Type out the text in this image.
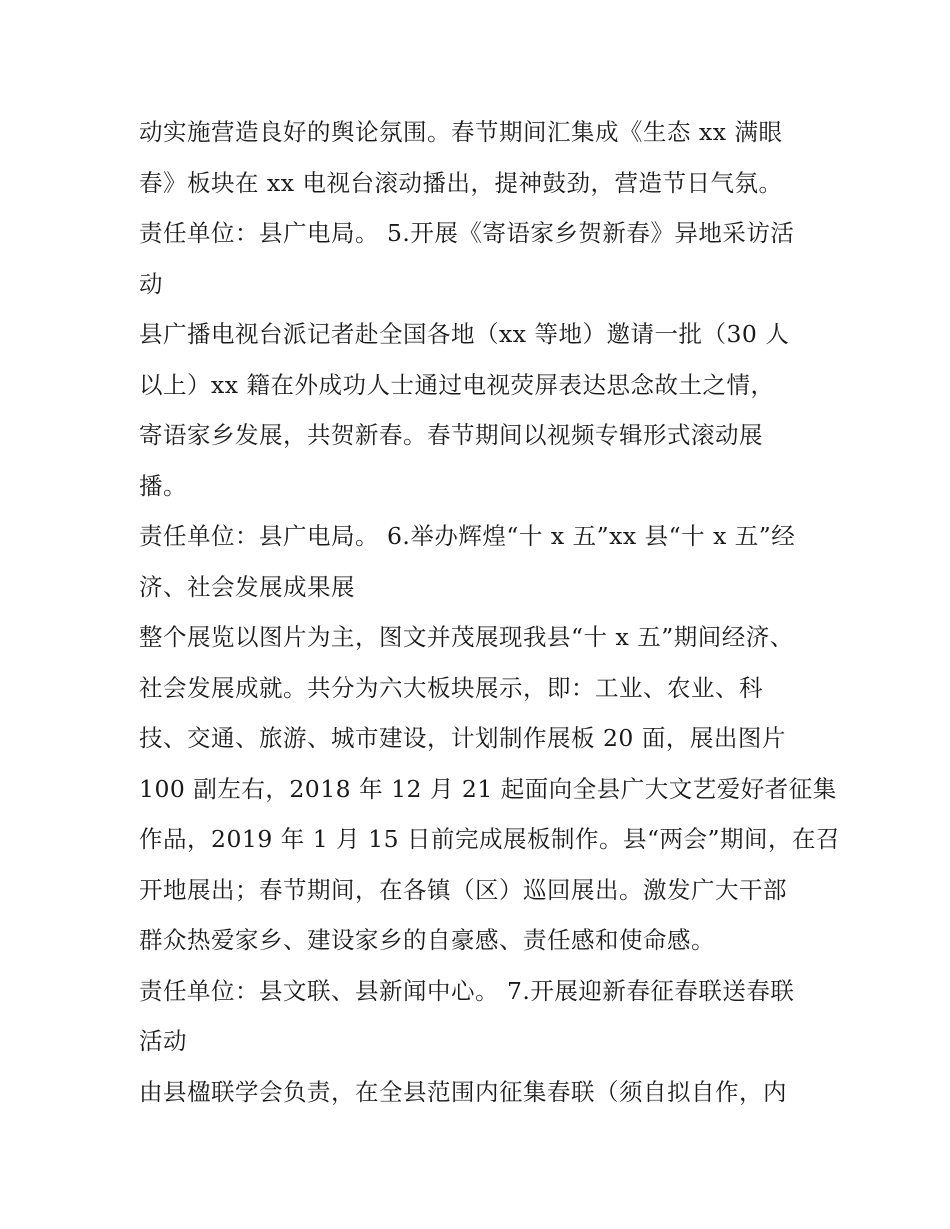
动实施营造良好的舆论氛围。春节期间汇集成《生态 xx 满眼
春》板块在 xx 电视台滚动播出，提神鼓劲，营造节日气氛。
责任单位：县广电局。 5.开展《寄语家乡贺新春》异地采访活
动
县广播电视台派记者赴全国各地（xx 等地）邀请一批（30 人
以上）xx 籍在外成功人士通过电视荧屏表达思念故土之情，
寄语家乡发展，共贺新春。春节期间以视频专辑形式滚动展
播。
责任单位：县广电局。 6.举办辉煌“十 x 五”xx 县“十 x 五”经
济、社会发展成果展
整个展览以图片为主，图文并茂展现我县“十 x 五”期间经济、
社会发展成就。共分为六大板块展示，即：工业、农业、科
技、交通、旅游、城市建设，计划制作展板 20 面，展出图片
100 副左右，2018 年 12 月 21 起面向全县广大文艺爱好者征集
作品，2019 年 1 月 15 日前完成展板制作。县“两会”期间，在召
开地展出；春节期间，在各镇（区）巡回展出。激发广大干部
群众热爱家乡、建设家乡的自豪感、责任感和使命感。
责任单位：县文联、县新闻中心。 7.开展迎新春征春联送春联
活动
由县楹联学会负责，在全县范围内征集春联（须自拟自作，内
